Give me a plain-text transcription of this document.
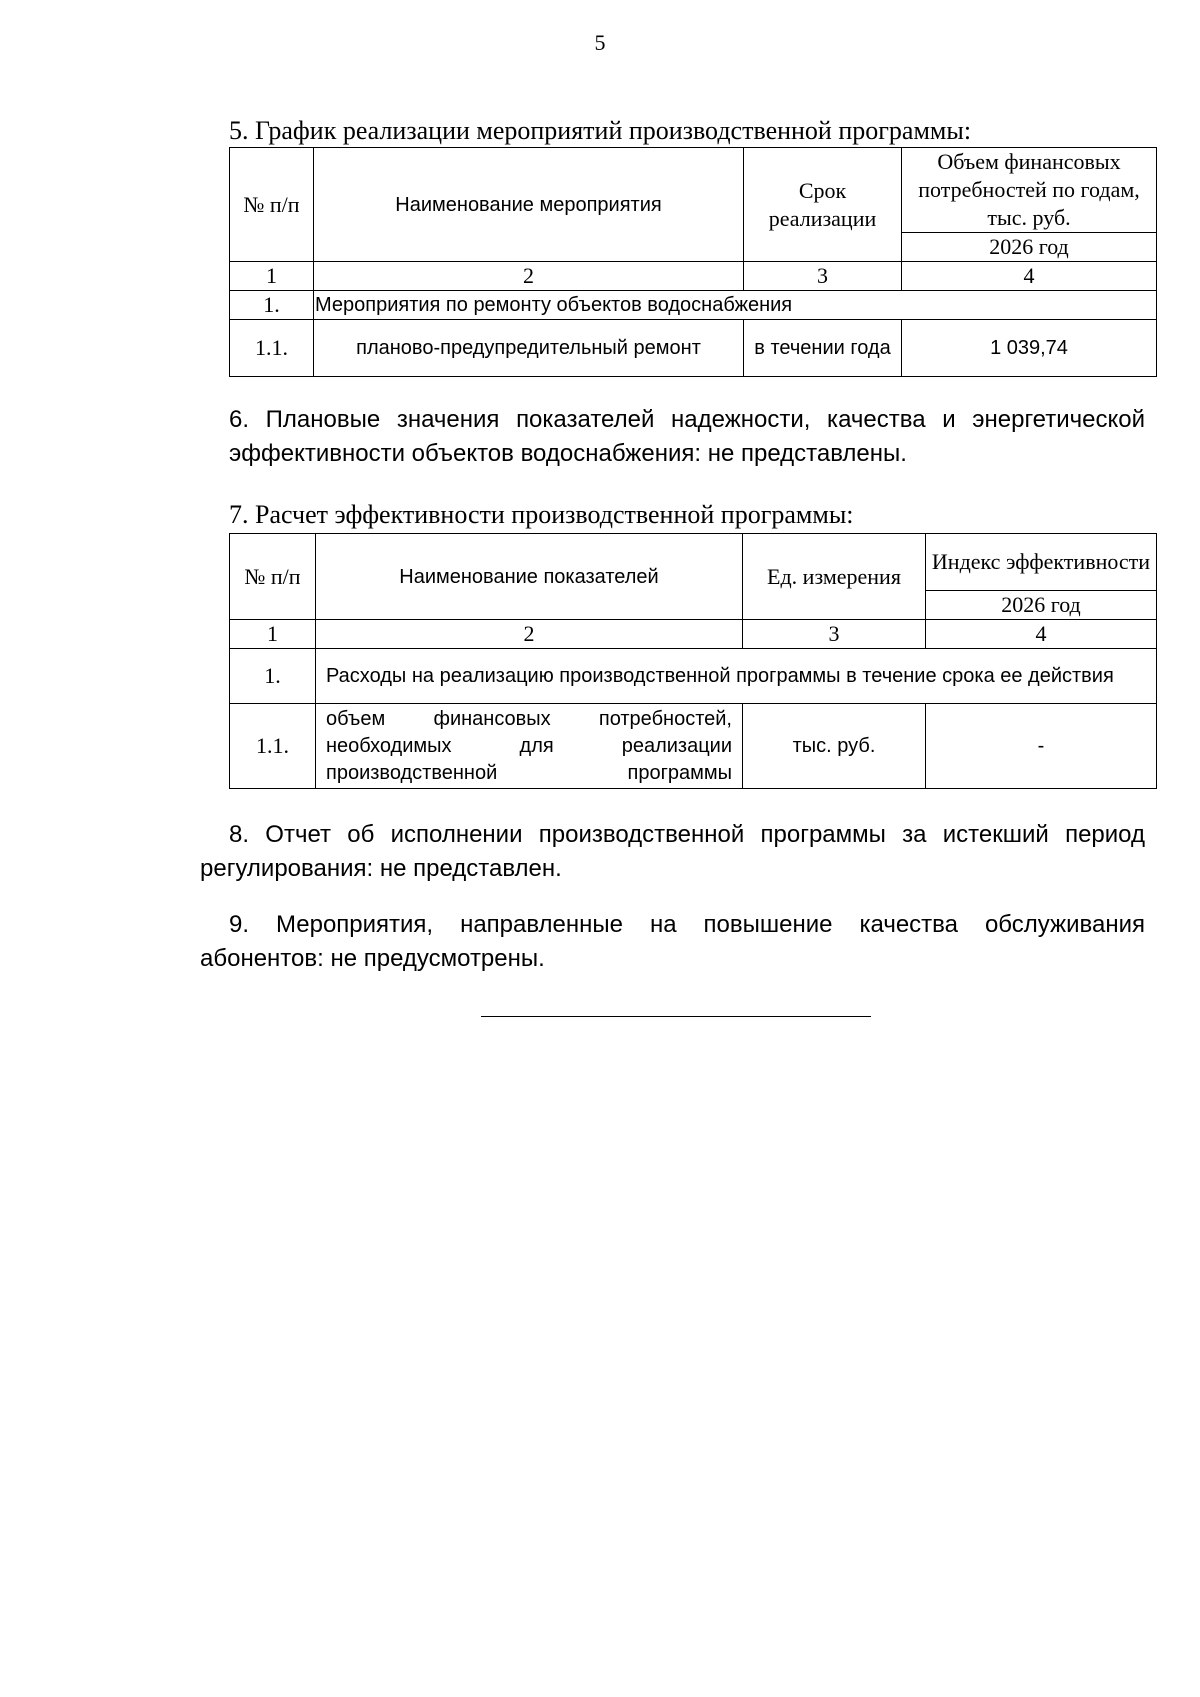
5
5. График реализации мероприятий производственной программы:
№ п/п	Наименование мероприятия	Срок реализации	Объем финансовых потребностей по годам, тыс. руб.
			2026 год
1	2	3	4
1.	Мероприятия по ремонту объектов водоснабжения		
1.1.	планово-предупредительный ремонт	в течении года	1 039,74
6. Плановые значения показателей надежности, качества и энергетической эффективности объектов водоснабжения: не представлены.
7. Расчет эффективности производственной программы:
№ п/п	Наименование показателей	Ед. измерения	Индекс эффективности
			2026 год
1	2	3	4
1.	Расходы на реализацию производственной программы в течение срока ее действия		
1.1.	объем финансовых потребностей, необходимых для реализации производственной программы	тыс. руб.	-
8. Отчет об исполнении производственной программы за истекший период регулирования: не представлен.
9. Мероприятия, направленные на повышение качества обслуживания абонентов: не предусмотрены.
